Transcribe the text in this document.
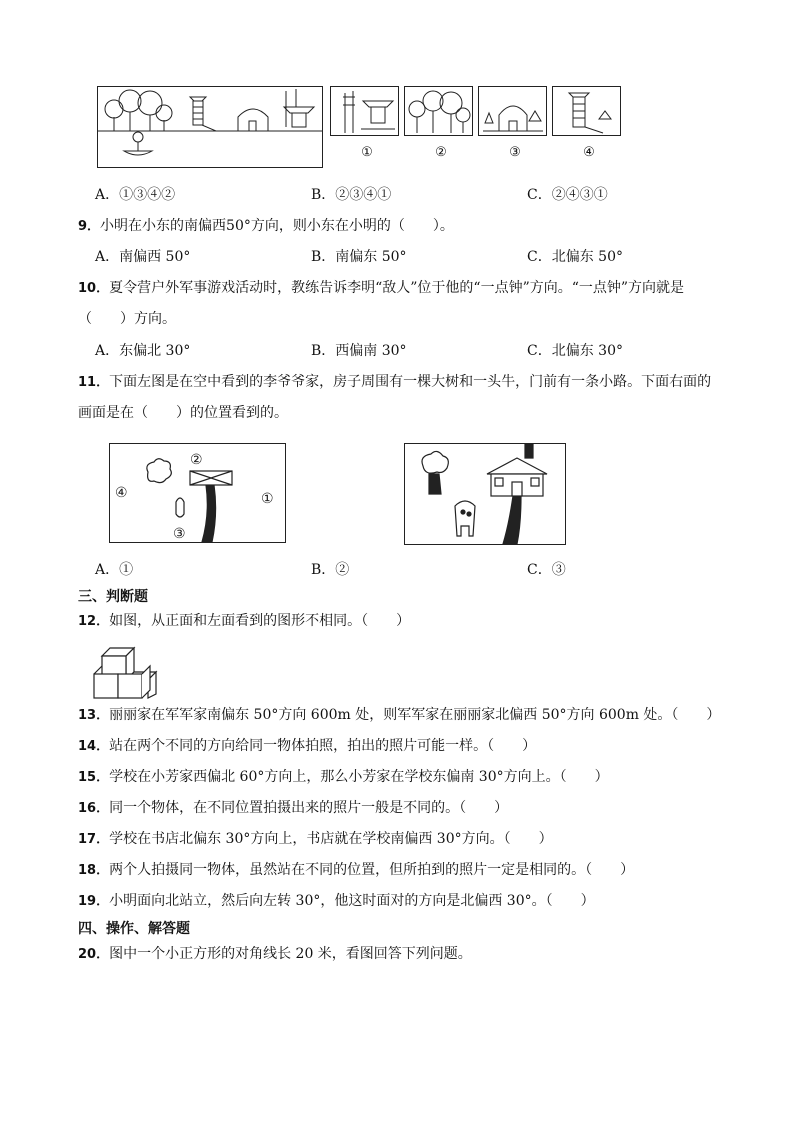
①	②	③	④
A．①③④②	B．②③④①	C．②④③①
9．小明在小东的南偏西50°方向，则小东在小明的（　　）。
A．南偏西 50°	B．南偏东 50°	C．北偏东 50°
10．夏令营户外军事游戏活动时，教练告诉李明“敌人”位于他的“一点钟”方向。“一点钟”方向就是
（　　）方向。
A．东偏北 30°	B．西偏南 30°	C．北偏东 30°
11．下面左图是在空中看到的李爷爷家，房子周围有一棵大树和一头牛，门前有一条小路。下面右面的
画面是在（　　）的位置看到的。
②
①
③
④
A．①	B．②	C．③
三、判断题
12．如图，从正面和左面看到的图形不相同。（　　）
13．丽丽家在军军家南偏东 50°方向 600m 处，则军军家在丽丽家北偏西 50°方向 600m 处。（　　）
14．站在两个不同的方向给同一物体拍照，拍出的照片可能一样。（　　）
15．学校在小芳家西偏北 60°方向上，那么小芳家在学校东偏南 30°方向上。（　　）
16．同一个物体，在不同位置拍摄出来的照片一般是不同的。（　　）
17．学校在书店北偏东 30°方向上，书店就在学校南偏西 30°方向。（　　）
18．两个人拍摄同一物体，虽然站在不同的位置，但所拍到的照片一定是相同的。（　　）
19．小明面向北站立，然后向左转 30°，他这时面对的方向是北偏西 30°。（　　）
四、操作、解答题
20．图中一个小正方形的对角线长 20 米，看图回答下列问题。
